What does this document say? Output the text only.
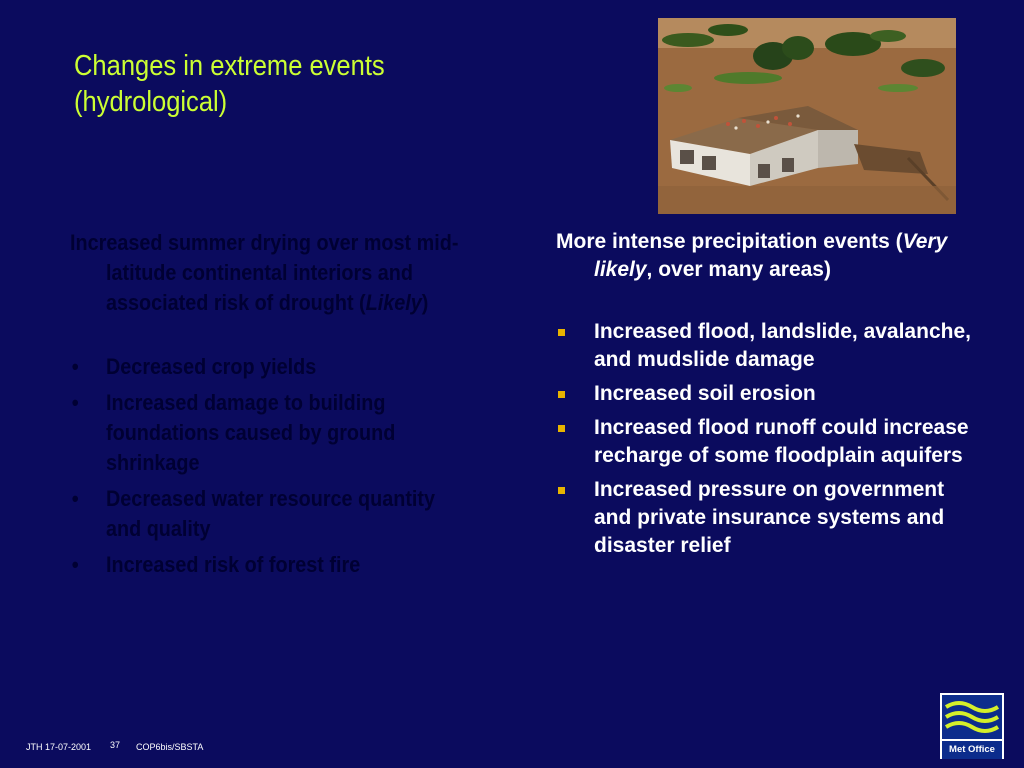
Changes in extreme events
(hydrological)

Increased summer drying over most mid-latitude continental interiors and associated risk of drought (Likely)

• Decreased crop yields
• Increased damage to building foundations caused by ground shrinkage
• Decreased water resource quantity and quality
• Increased risk of forest fire

More intense precipitation events (Very likely, over many areas)

Increased flood, landslide, avalanche, and mudslide damage
Increased soil erosion
Increased flood runoff could increase recharge of some floodplain aquifers
Increased pressure on government and private insurance systems and disaster relief
JTH 17-07-2001 37 COP6bis/SBSTA	Met Office
